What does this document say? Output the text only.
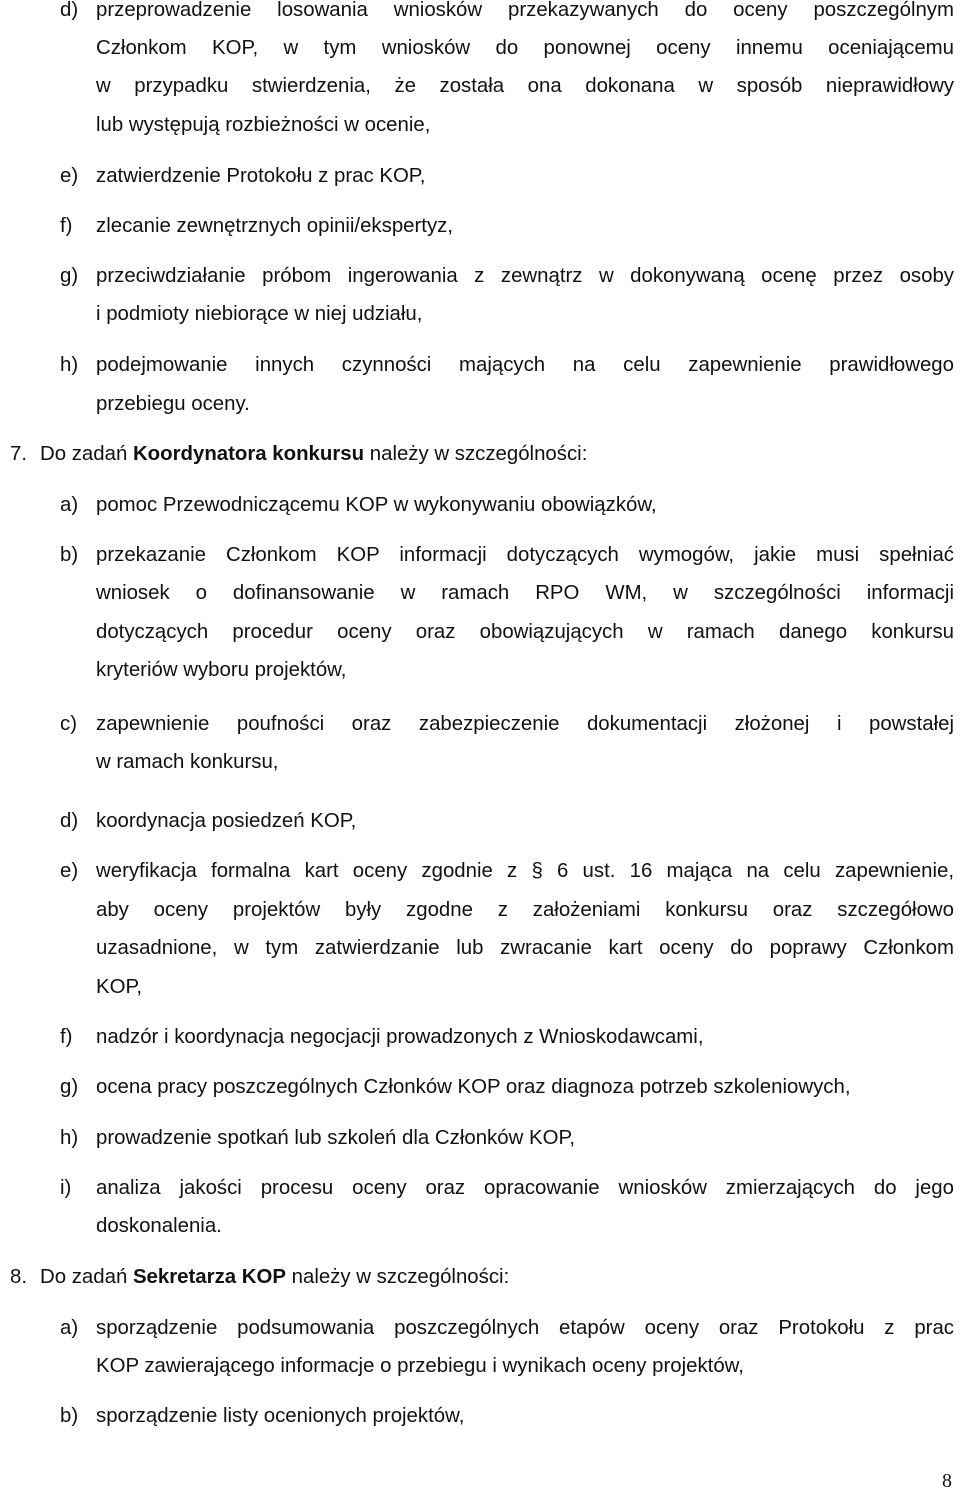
d) przeprowadzenie losowania wniosków przekazywanych do oceny poszczególnym
Członkom KOP, w tym wniosków do ponownej oceny innemu oceniającemu
w przypadku stwierdzenia, że została ona dokonana w sposób nieprawidłowy
lub występują rozbieżności w ocenie,
e) zatwierdzenie Protokołu z prac KOP,
f) zlecanie zewnętrznych opinii/ekspertyz,
g) przeciwdziałanie próbom ingerowania z zewnątrz w dokonywaną ocenę przez osoby
i podmioty niebiorące w niej udziału,
h) podejmowanie innych czynności mających na celu zapewnienie prawidłowego
przebiegu oceny.
7. Do zadań Koordynatora konkursu należy w szczególności:
a) pomoc Przewodniczącemu KOP w wykonywaniu obowiązków,
b) przekazanie Członkom KOP informacji dotyczących wymogów, jakie musi spełniać
wniosek o dofinansowanie w ramach RPO WM, w szczególności informacji
dotyczących procedur oceny oraz obowiązujących w ramach danego konkursu
kryteriów wyboru projektów,
c) zapewnienie poufności oraz zabezpieczenie dokumentacji złożonej i powstałej
w ramach konkursu,
d) koordynacja posiedzeń KOP,
e) weryfikacja formalna kart oceny zgodnie z § 6 ust. 16 mająca na celu zapewnienie,
aby oceny projektów były zgodne z założeniami konkursu oraz szczegółowo
uzasadnione, w tym zatwierdzanie lub zwracanie kart oceny do poprawy Członkom
KOP,
f) nadzór i koordynacja negocjacji prowadzonych z Wnioskodawcami,
g) ocena pracy poszczególnych Członków KOP oraz diagnoza potrzeb szkoleniowych,
h) prowadzenie spotkań lub szkoleń dla Członków KOP,
i) analiza jakości procesu oceny oraz opracowanie wniosków zmierzających do jego
doskonalenia.
8. Do zadań Sekretarza KOP należy w szczególności:
a) sporządzenie podsumowania poszczególnych etapów oceny oraz Protokołu z prac
KOP zawierającego informacje o przebiegu i wynikach oceny projektów,
b) sporządzenie listy ocenionych projektów,
8
